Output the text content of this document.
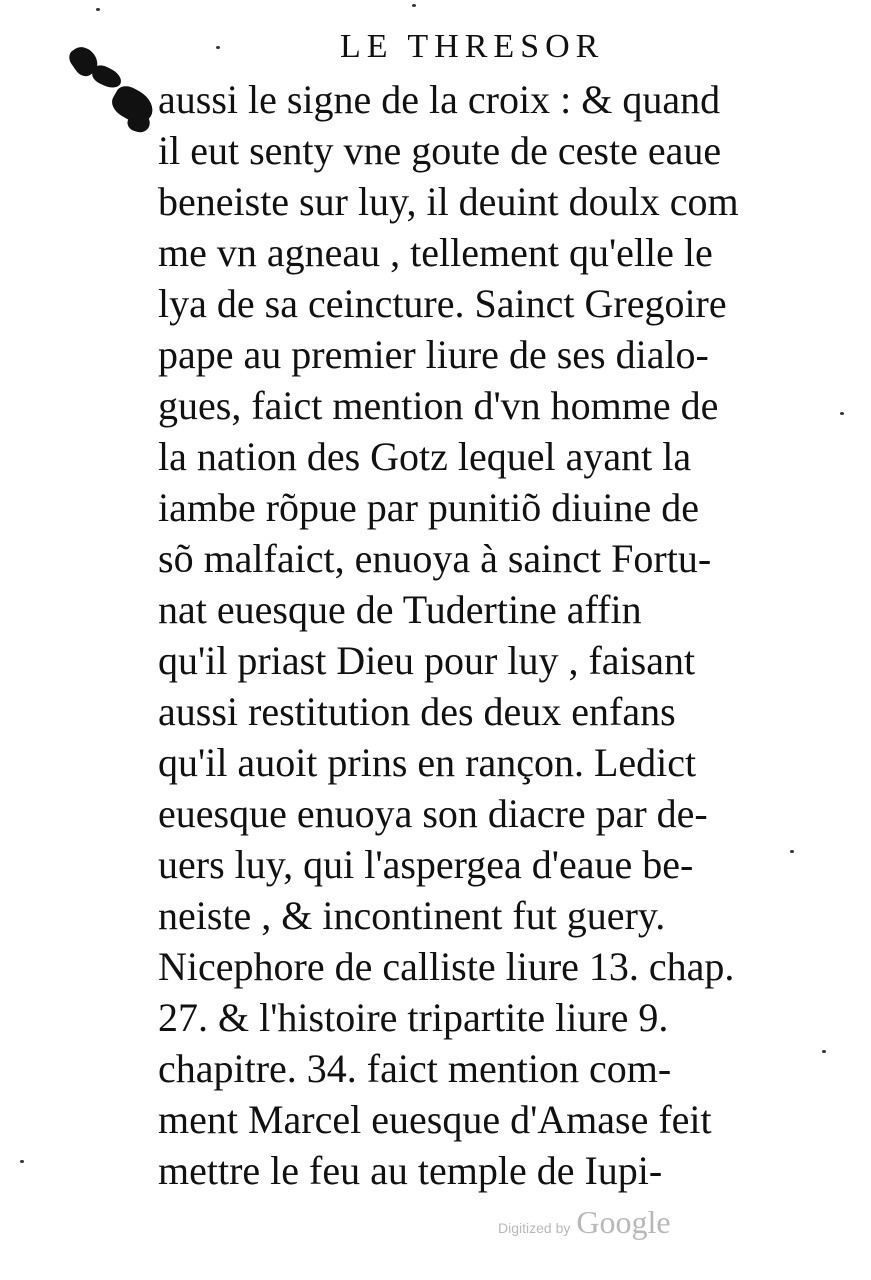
LE THRESOR
aussi le signe de la croix : & quand
il eut senty vne goute de ceste eaue
beneiste sur luy, il deuint doulx com
me vn agneau , tellement qu'elle le
lya de sa ceincture. Sainct Gregoire
pape au premier liure de ses dialo-
gues, faict mention d'vn homme de
la nation des Gotz lequel ayant la
iambe rõpue par punitiõ diuine de
sõ malfaict, enuoya à sainct Fortu-
nat euesque de Tudertine affin
qu'il priast Dieu pour luy , faisant
aussi restitution des deux enfans
qu'il auoit prins en rançon. Ledict
euesque enuoya son diacre par de-
uers luy, qui l'aspergea d'eaue be-
neiste , & incontinent fut guery.
Nicephore de calliste liure 13. chap.
27. & l'histoire tripartite liure 9.
chapitre. 34. faict mention com-
ment Marcel euesque d'Amase feit
mettre le feu au temple de Iupi-
Digitized by Google
